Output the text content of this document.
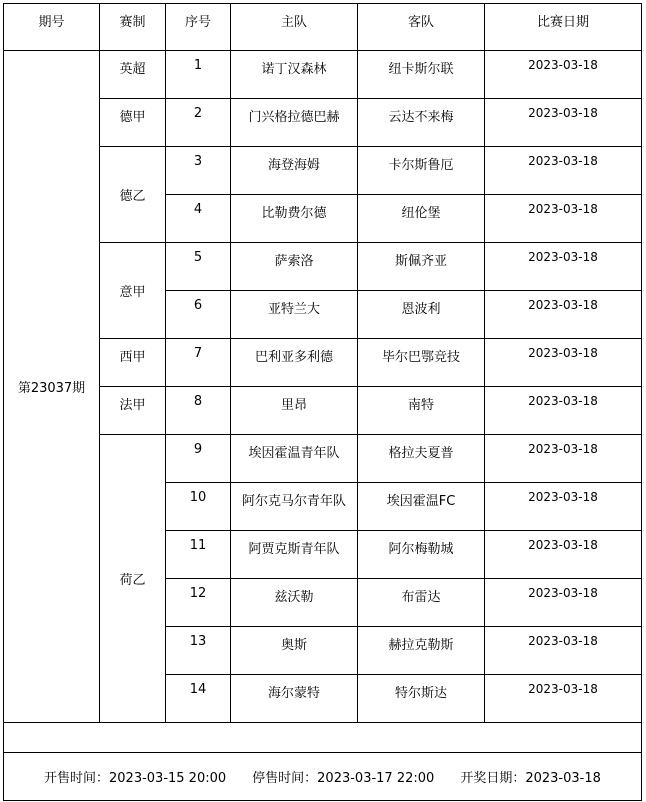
期号	赛制	序号	主队	客队	比赛日期
第23037期	英超	1	诺丁汉森林	纽卡斯尔联	2023-03-18
	德甲	2	门兴格拉德巴赫	云达不来梅	2023-03-18
	德乙	3	海登海姆	卡尔斯鲁厄	2023-03-18
		4	比勒费尔德	纽伦堡	2023-03-18
	意甲	5	萨索洛	斯佩齐亚	2023-03-18
		6	亚特兰大	恩波利	2023-03-18
	西甲	7	巴利亚多利德	毕尔巴鄂竞技	2023-03-18
	法甲	8	里昂	南特	2023-03-18
	荷乙	9	埃因霍温青年队	格拉夫夏普	2023-03-18
		10	阿尔克马尔青年队	埃因霍温FC	2023-03-18
		11	阿贾克斯青年队	阿尔梅勒城	2023-03-18
		12	兹沃勒	布雷达	2023-03-18
		13	奥斯	赫拉克勒斯	2023-03-18
		14	海尔蒙特	特尔斯达	2023-03-18

开售时间：2023-03-15 20:00 停售时间：2023-03-17 22:00 开奖日期：2023-03-18					
